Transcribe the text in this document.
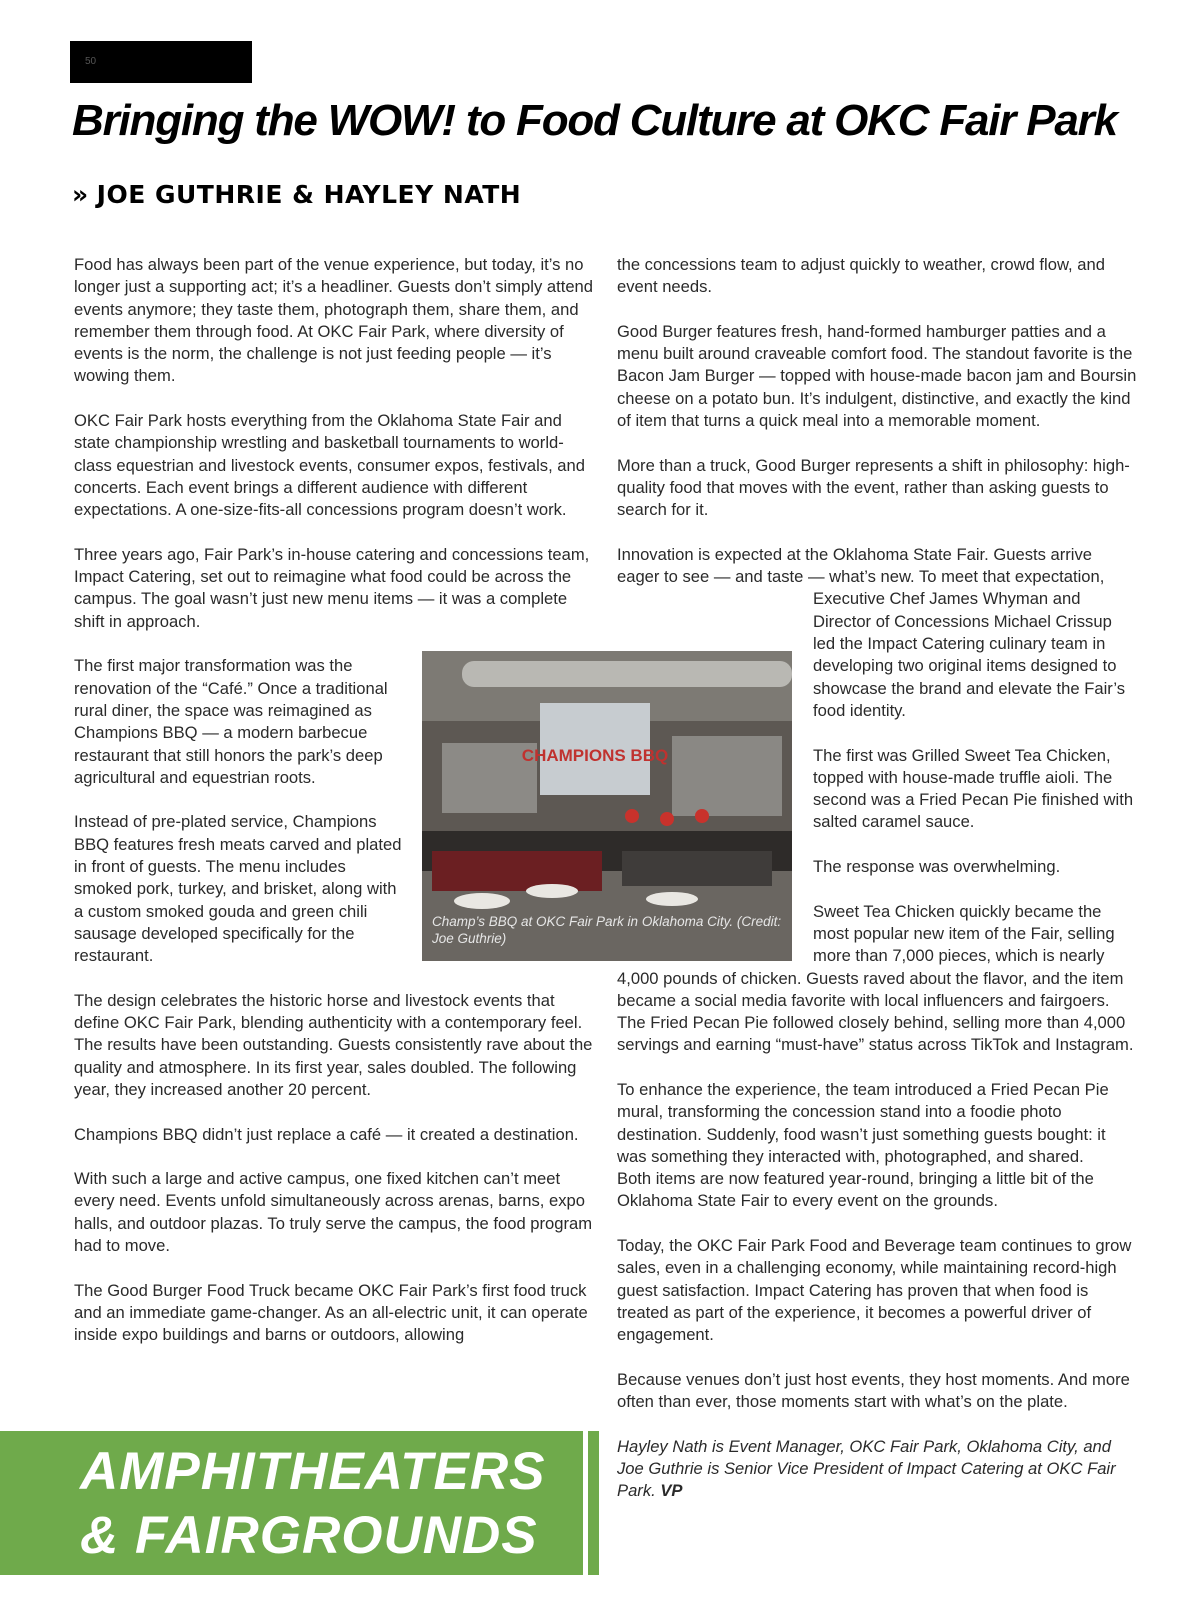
50
Bringing the WOW! to Food Culture at OKC Fair Park
» JOE GUTHRIE & HAYLEY NATH

Food has always been part of the venue experience, but today, it’s no longer just a supporting act; it’s a headliner. Guests don’t simply attend events anymore; they taste them, photograph them, share them, and remember them through food. At OKC Fair Park, where diversity of events is the norm, the challenge is not just feeding people — it’s wowing them.

OKC Fair Park hosts everything from the Oklahoma State Fair and state championship wrestling and basketball tournaments to world-class equestrian and livestock events, consumer expos, festivals, and concerts. Each event brings a different audience with different expectations. A one-size-fits-all concessions program doesn’t work.

Three years ago, Fair Park’s in-house catering and concessions team, Impact Catering, set out to reimagine what food could be across the campus. The goal wasn’t just new menu items — it was a complete shift in approach.

The first major transformation was the renovation of the “Café.” Once a traditional rural diner, the space was reimagined as Champions BBQ — a modern barbecue restaurant that still honors the park’s deep agricultural and equestrian roots.

Instead of pre-plated service, Champions BBQ features fresh meats carved and plated in front of guests. The menu includes smoked pork, turkey, and brisket, along with a custom smoked gouda and green chili sausage developed specifically for the restaurant.

The design celebrates the historic horse and livestock events that define OKC Fair Park, blending authenticity with a contemporary feel. The results have been outstanding. Guests consistently rave about the quality and atmosphere. In its first year, sales doubled. The following year, they increased another 20 percent.

Champions BBQ didn’t just replace a café — it created a destination.

With such a large and active campus, one fixed kitchen can’t meet every need. Events unfold simultaneously across arenas, barns, expo halls, and outdoor plazas. To truly serve the campus, the food program had to move.

The Good Burger Food Truck became OKC Fair Park’s first food truck and an immediate game-changer. As an all-electric unit, it can operate inside expo buildings and barns or outdoors, allowing

the concessions team to adjust quickly to weather, crowd flow, and event needs.

Good Burger features fresh, hand-formed hamburger patties and a menu built around craveable comfort food. The standout favorite is the Bacon Jam Burger — topped with house-made bacon jam and Boursin cheese on a potato bun. It’s indulgent, distinctive, and exactly the kind of item that turns a quick meal into a memorable moment.

More than a truck, Good Burger represents a shift in philosophy: high-quality food that moves with the event, rather than asking guests to search for it.

Innovation is expected at the Oklahoma State Fair. Guests arrive eager to see — and taste — what’s new. To meet that expectation,

Executive Chef James Whyman and Director of Concessions Michael Crissup led the Impact Catering culinary team in developing two original items designed to showcase the brand and elevate the Fair’s food identity.

The first was Grilled Sweet Tea Chicken, topped with house-made truffle aioli. The second was a Fried Pecan Pie finished with salted caramel sauce.

The response was overwhelming.

Sweet Tea Chicken quickly became the most popular new item of the Fair, selling more than 7,000 pieces, which is nearly

4,000 pounds of chicken. Guests raved about the flavor, and the item became a social media favorite with local influencers and fairgoers. The Fried Pecan Pie followed closely behind, selling more than 4,000 servings and earning “must-have” status across TikTok and Instagram.

To enhance the experience, the team introduced a Fried Pecan Pie mural, transforming the concession stand into a foodie photo destination. Suddenly, food wasn’t just something guests bought: it was something they interacted with, photographed, and shared.

Both items are now featured year-round, bringing a little bit of the Oklahoma State Fair to every event on the grounds.

Today, the OKC Fair Park Food and Beverage team continues to grow sales, even in a challenging economy, while maintaining record-high guest satisfaction. Impact Catering has proven that when food is treated as part of the experience, it becomes a powerful driver of engagement.

Because venues don’t just host events, they host moments. And more often than ever, those moments start with what’s on the plate.

Hayley Nath is Event Manager, OKC Fair Park, Oklahoma City, and Joe Guthrie is Senior Vice President of Impact Catering at OKC Fair Park. VP

CHAMPIONS BBQ
Champ’s BBQ at OKC Fair Park in Oklahoma City. (Credit: Joe Guthrie)
AMPHITHEATERS
& FAIRGROUNDS
